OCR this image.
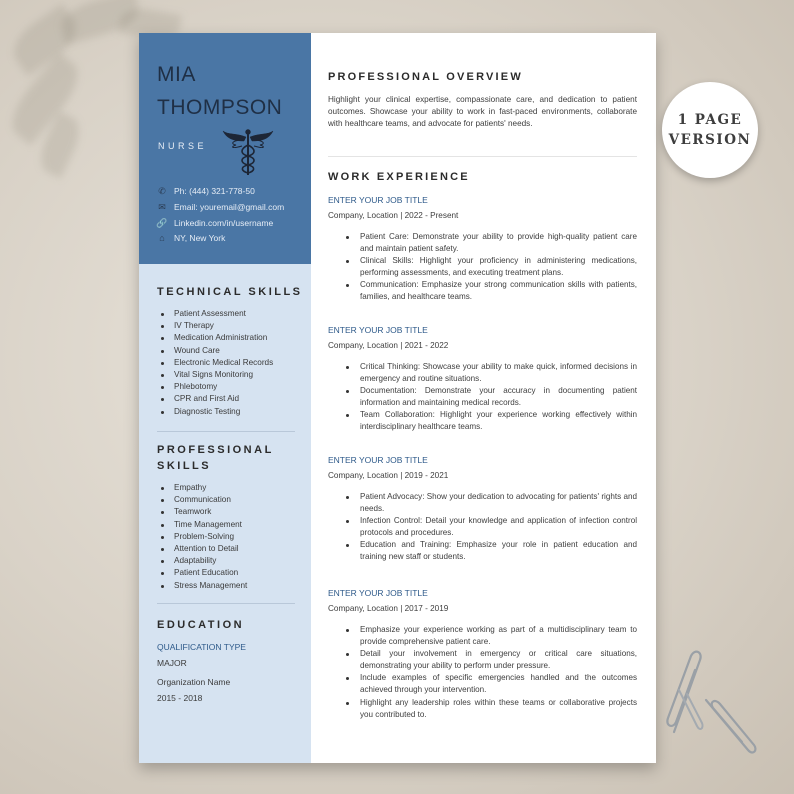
MIA
THOMPSON
NURSE
✆ Ph: (444) 321-778-50
✉ Email: youremail@gmail.com
🔗 Linkedin.com/in/username
⌂ NY, New York
TECHNICAL SKILLS
Patient Assessment
IV Therapy
Medication Administration
Wound Care
Electronic Medical Records
Vital Signs Monitoring
Phlebotomy
CPR and First Aid
Diagnostic Testing
PROFESSIONAL
SKILLS
Empathy
Communication
Teamwork
Time Management
Problem-Solving
Attention to Detail
Adaptability
Patient Education
Stress Management
EDUCATION
QUALIFICATION TYPE
MAJOR
Organization Name
2015 - 2018
PROFESSIONAL OVERVIEW
Highlight your clinical expertise, compassionate care, and dedication to patient outcomes. Showcase your ability to work in fast-paced environments, collaborate with healthcare teams, and advocate for patients' needs.
WORK EXPERIENCE
ENTER YOUR JOB TITLE
Company, Location | 2022 - Present
Patient Care: Demonstrate your ability to provide high-quality patient care and maintain patient safety.
Clinical Skills: Highlight your proficiency in administering medications, performing assessments, and executing treatment plans.
Communication: Emphasize your strong communication skills with patients, families, and healthcare teams.
ENTER YOUR JOB TITLE
Company, Location | 2021 - 2022
Critical Thinking: Showcase your ability to make quick, informed decisions in emergency and routine situations.
Documentation: Demonstrate your accuracy in documenting patient information and maintaining medical records.
Team Collaboration: Highlight your experience working effectively within interdisciplinary healthcare teams.
ENTER YOUR JOB TITLE
Company, Location | 2019 - 2021
Patient Advocacy: Show your dedication to advocating for patients' rights and needs.
Infection Control: Detail your knowledge and application of infection control protocols and procedures.
Education and Training: Emphasize your role in patient education and training new staff or students.
ENTER YOUR JOB TITLE
Company, Location | 2017 - 2019
Emphasize your experience working as part of a multidisciplinary team to provide comprehensive patient care.
Detail your involvement in emergency or critical care situations, demonstrating your ability to perform under pressure.
Include examples of specific emergencies handled and the outcomes achieved through your intervention.
Highlight any leadership roles within these teams or collaborative projects you contributed to.
1 PAGE
VERSION
